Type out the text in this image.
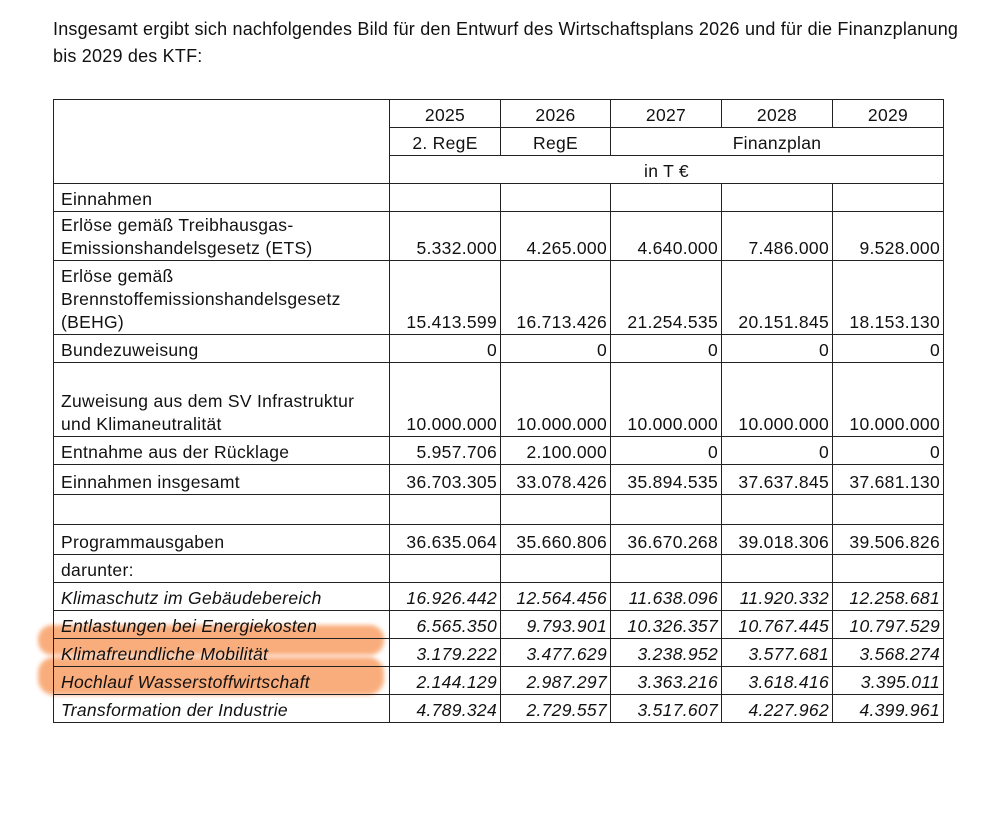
Insgesamt ergibt sich nachfolgendes Bild für den Entwurf des Wirtschaftsplans 2026 und für die Finanzplanung bis 2029 des KTF:
	2025	2026	2027	2028	2029
	2. RegE	RegE	Finanzplan		
	in T €				
Einnahmen					
Erlöse gemäß Treibhausgas-Emissionshandelsgesetz (ETS)	5.332.000	4.265.000	4.640.000	7.486.000	9.528.000
Erlöse gemäß Brennstoffemissionshandelsgesetz (BEHG)	15.413.599	16.713.426	21.254.535	20.151.845	18.153.130
Bundezuweisung	0	0	0	0	0
Zuweisung aus dem SV Infrastruktur und Klimaneutralität	10.000.000	10.000.000	10.000.000	10.000.000	10.000.000
Entnahme aus der Rücklage	5.957.706	2.100.000	0	0	0
Einnahmen insgesamt	36.703.305	33.078.426	35.894.535	37.637.845	37.681.130

Programmausgaben	36.635.064	35.660.806	36.670.268	39.018.306	39.506.826
darunter:					
Klimaschutz im Gebäudebereich	16.926.442	12.564.456	11.638.096	11.920.332	12.258.681
Entlastungen bei Energiekosten	6.565.350	9.793.901	10.326.357	10.767.445	10.797.529
Klimafreundliche Mobilität	3.179.222	3.477.629	3.238.952	3.577.681	3.568.274
Hochlauf Wasserstoffwirtschaft	2.144.129	2.987.297	3.363.216	3.618.416	3.395.011
Transformation der Industrie	4.789.324	2.729.557	3.517.607	4.227.962	4.399.961
